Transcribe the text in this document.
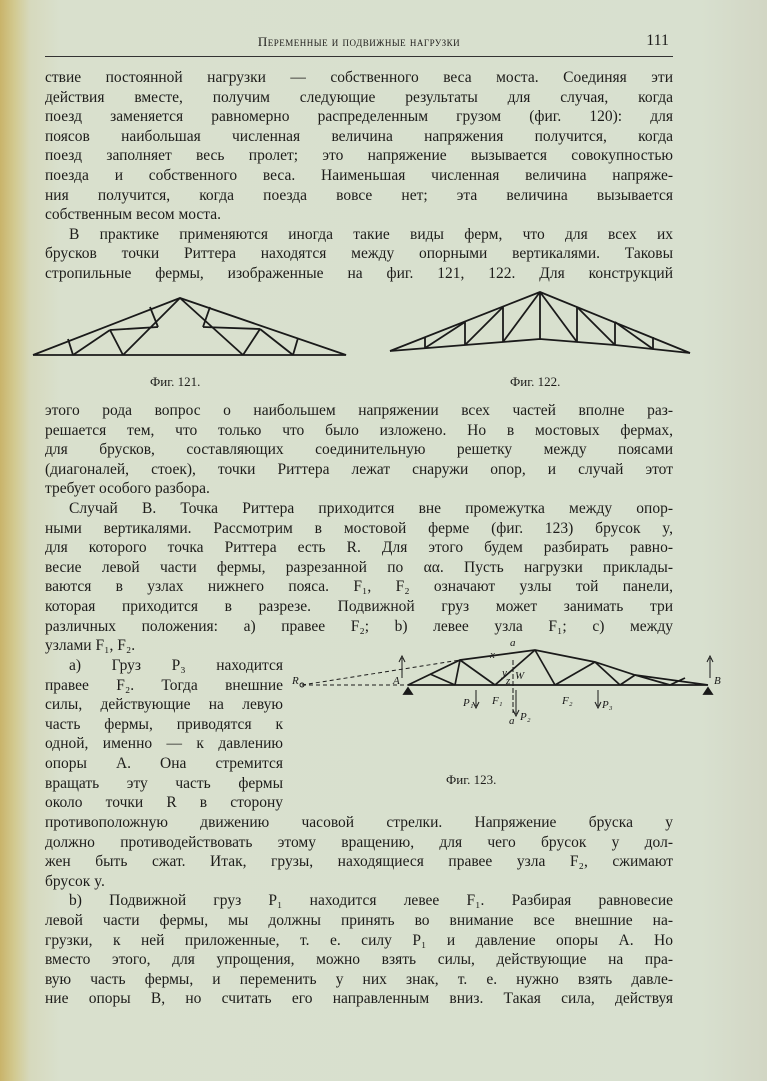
Переменные и подвижные нагрузки	111
ствие постоянной нагрузки — собственного веса моста. Соединяя эти
действия вместе, получим следующие результаты для случая, когда
поезд заменяется равномерно распределенным грузом (фиг. 120): для
поясов наибольшая численная величина напряжения получится, когда
поезд заполняет весь пролет; это напряжение вызывается совокупностью
поезда и собственного веса. Наименьшая численная величина напряже-
ния получится, когда поезда вовсе нет; эта величина вызывается
собственным весом моста.
В практике применяются иногда такие виды ферм, что для всех их
брусков точки Риттера находятся между опорными вертикалями. Таковы
стропильные фермы, изображенные на фиг. 121, 122. Для конструкций
Фиг. 121.	Фиг. 122.
этого рода вопрос о наибольшем напряжении всех частей вполне раз-
решается тем, что только что было изложено. Но в мостовых фермах,
для брусков, составляющих соединительную решетку между поясами
(диагоналей, стоек), точки Риттера лежат снаружи опор, и случай этот
требует особого разбора.
Случай B. Точка Риттера приходится вне промежутка между опор-
ными вертикалями. Рассмотрим в мостовой ферме (фиг. 123) брусок y,
для которого точка Риттера есть R. Для этого будем разбирать равно-
весие левой части фермы, разрезанной по αα. Пусть нагрузки приклады-
ваются в узлах нижнего пояса. F₁, F₂ означают узлы той панели,
которая приходится в разрезе. Подвижной груз может занимать три
различных положения: a) правее F₂; b) левее узла F₁; c) между
узлами F₁, F₂.
a) Груз P₃ находится
правее F₂. Тогда внешние
силы, действующие на левую
часть фермы, приводятся к
одной, именно — к давлению
опоры A. Она стремится
вращать эту часть фермы
около точки R в сторону
a
R	A	B
x
y
z W
P₁ F₁
P₂
a
F₂	P₃
Фиг. 123.
противоположную движению часовой стрелки. Напряжение бруска y
должно противодействовать этому вращению, для чего брусок y дол-
жен быть сжат. Итак, грузы, находящиеся правее узла F₂, сжимают
брусок y.
b) Подвижной груз P₁ находится левее F₁. Разбирая равновесие
левой части фермы, мы должны принять во внимание все внешние на-
грузки, к ней приложенные, т. е. силу P₁ и давление опоры A. Но
вместо этого, для упрощения, можно взять силы, действующие на пра-
вую часть фермы, и переменить у них знак, т. е. нужно взять давле-
ние опоры B, но считать его направленным вниз. Такая сила, действуя
